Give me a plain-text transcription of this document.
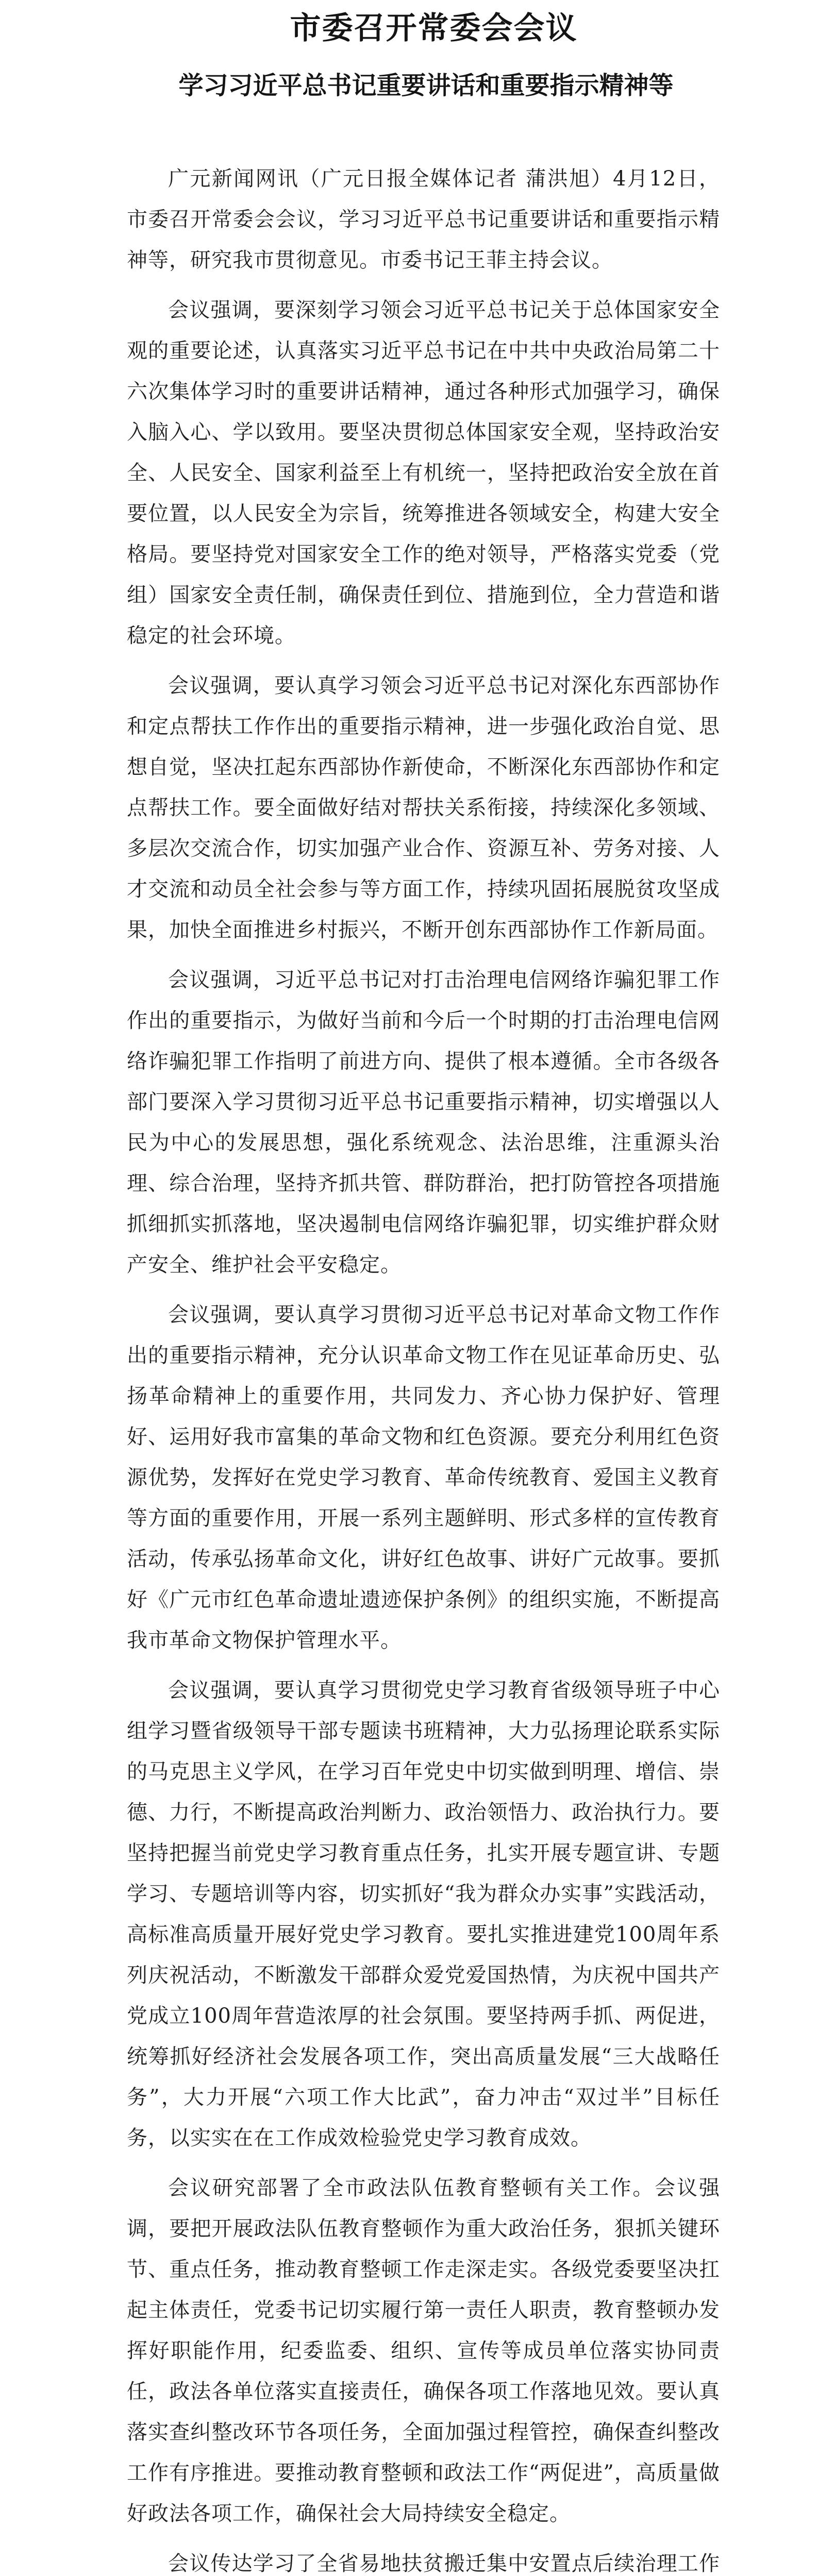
市委召开常委会会议
学习习近平总书记重要讲话和重要指示精神等

广元新闻网讯（广元日报全媒体记者 蒲洪旭）4月12日，市委召开常委会会议，学习习近平总书记重要讲话和重要指示精神等，研究我市贯彻意见。市委书记王菲主持会议。

会议强调，要深刻学习领会习近平总书记关于总体国家安全观的重要论述，认真落实习近平总书记在中共中央政治局第二十六次集体学习时的重要讲话精神，通过各种形式加强学习，确保入脑入心、学以致用。要坚决贯彻总体国家安全观，坚持政治安全、人民安全、国家利益至上有机统一，坚持把政治安全放在首要位置，以人民安全为宗旨，统筹推进各领域安全，构建大安全格局。要坚持党对国家安全工作的绝对领导，严格落实党委（党组）国家安全责任制，确保责任到位、措施到位，全力营造和谐稳定的社会环境。

会议强调，要认真学习领会习近平总书记对深化东西部协作和定点帮扶工作作出的重要指示精神，进一步强化政治自觉、思想自觉，坚决扛起东西部协作新使命，不断深化东西部协作和定点帮扶工作。要全面做好结对帮扶关系衔接，持续深化多领域、多层次交流合作，切实加强产业合作、资源互补、劳务对接、人才交流和动员全社会参与等方面工作，持续巩固拓展脱贫攻坚成果，加快全面推进乡村振兴，不断开创东西部协作工作新局面。

会议强调，习近平总书记对打击治理电信网络诈骗犯罪工作作出的重要指示，为做好当前和今后一个时期的打击治理电信网络诈骗犯罪工作指明了前进方向、提供了根本遵循。全市各级各部门要深入学习贯彻习近平总书记重要指示精神，切实增强以人民为中心的发展思想，强化系统观念、法治思维，注重源头治理、综合治理，坚持齐抓共管、群防群治，把打防管控各项措施抓细抓实抓落地，坚决遏制电信网络诈骗犯罪，切实维护群众财产安全、维护社会平安稳定。

会议强调，要认真学习贯彻习近平总书记对革命文物工作作出的重要指示精神，充分认识革命文物工作在见证革命历史、弘扬革命精神上的重要作用，共同发力、齐心协力保护好、管理好、运用好我市富集的革命文物和红色资源。要充分利用红色资源优势，发挥好在党史学习教育、革命传统教育、爱国主义教育等方面的重要作用，开展一系列主题鲜明、形式多样的宣传教育活动，传承弘扬革命文化，讲好红色故事、讲好广元故事。要抓好《广元市红色革命遗址遗迹保护条例》的组织实施，不断提高我市革命文物保护管理水平。

会议强调，要认真学习贯彻党史学习教育省级领导班子中心组学习暨省级领导干部专题读书班精神，大力弘扬理论联系实际的马克思主义学风，在学习百年党史中切实做到明理、增信、崇德、力行，不断提高政治判断力、政治领悟力、政治执行力。要坚持把握当前党史学习教育重点任务，扎实开展专题宣讲、专题学习、专题培训等内容，切实抓好“我为群众办实事”实践活动，高标准高质量开展好党史学习教育。要扎实推进建党100周年系列庆祝活动，不断激发干部群众爱党爱国热情，为庆祝中国共产党成立100周年营造浓厚的社会氛围。要坚持两手抓、两促进，统筹抓好经济社会发展各项工作，突出高质量发展“三大战略任务”，大力开展“六项工作大比武”，奋力冲击“双过半”目标任务，以实实在在工作成效检验党史学习教育成效。

会议研究部署了全市政法队伍教育整顿有关工作。会议强调，要把开展政法队伍教育整顿作为重大政治任务，狠抓关键环节、重点任务，推动教育整顿工作走深走实。各级党委要坚决扛起主体责任，党委书记切实履行第一责任人职责，教育整顿办发挥好职能作用，纪委监委、组织、宣传等成员单位落实协同责任，政法各单位落实直接责任，确保各项工作落地见效。要认真落实查纠整改环节各项任务，全面加强过程管控，确保查纠整改工作有序推进。要推动教育整顿和政法工作“两促进”，高质量做好政法各项工作，确保社会大局持续安全稳定。

会议传达学习了全省易地扶贫搬迁集中安置点后续治理工作
